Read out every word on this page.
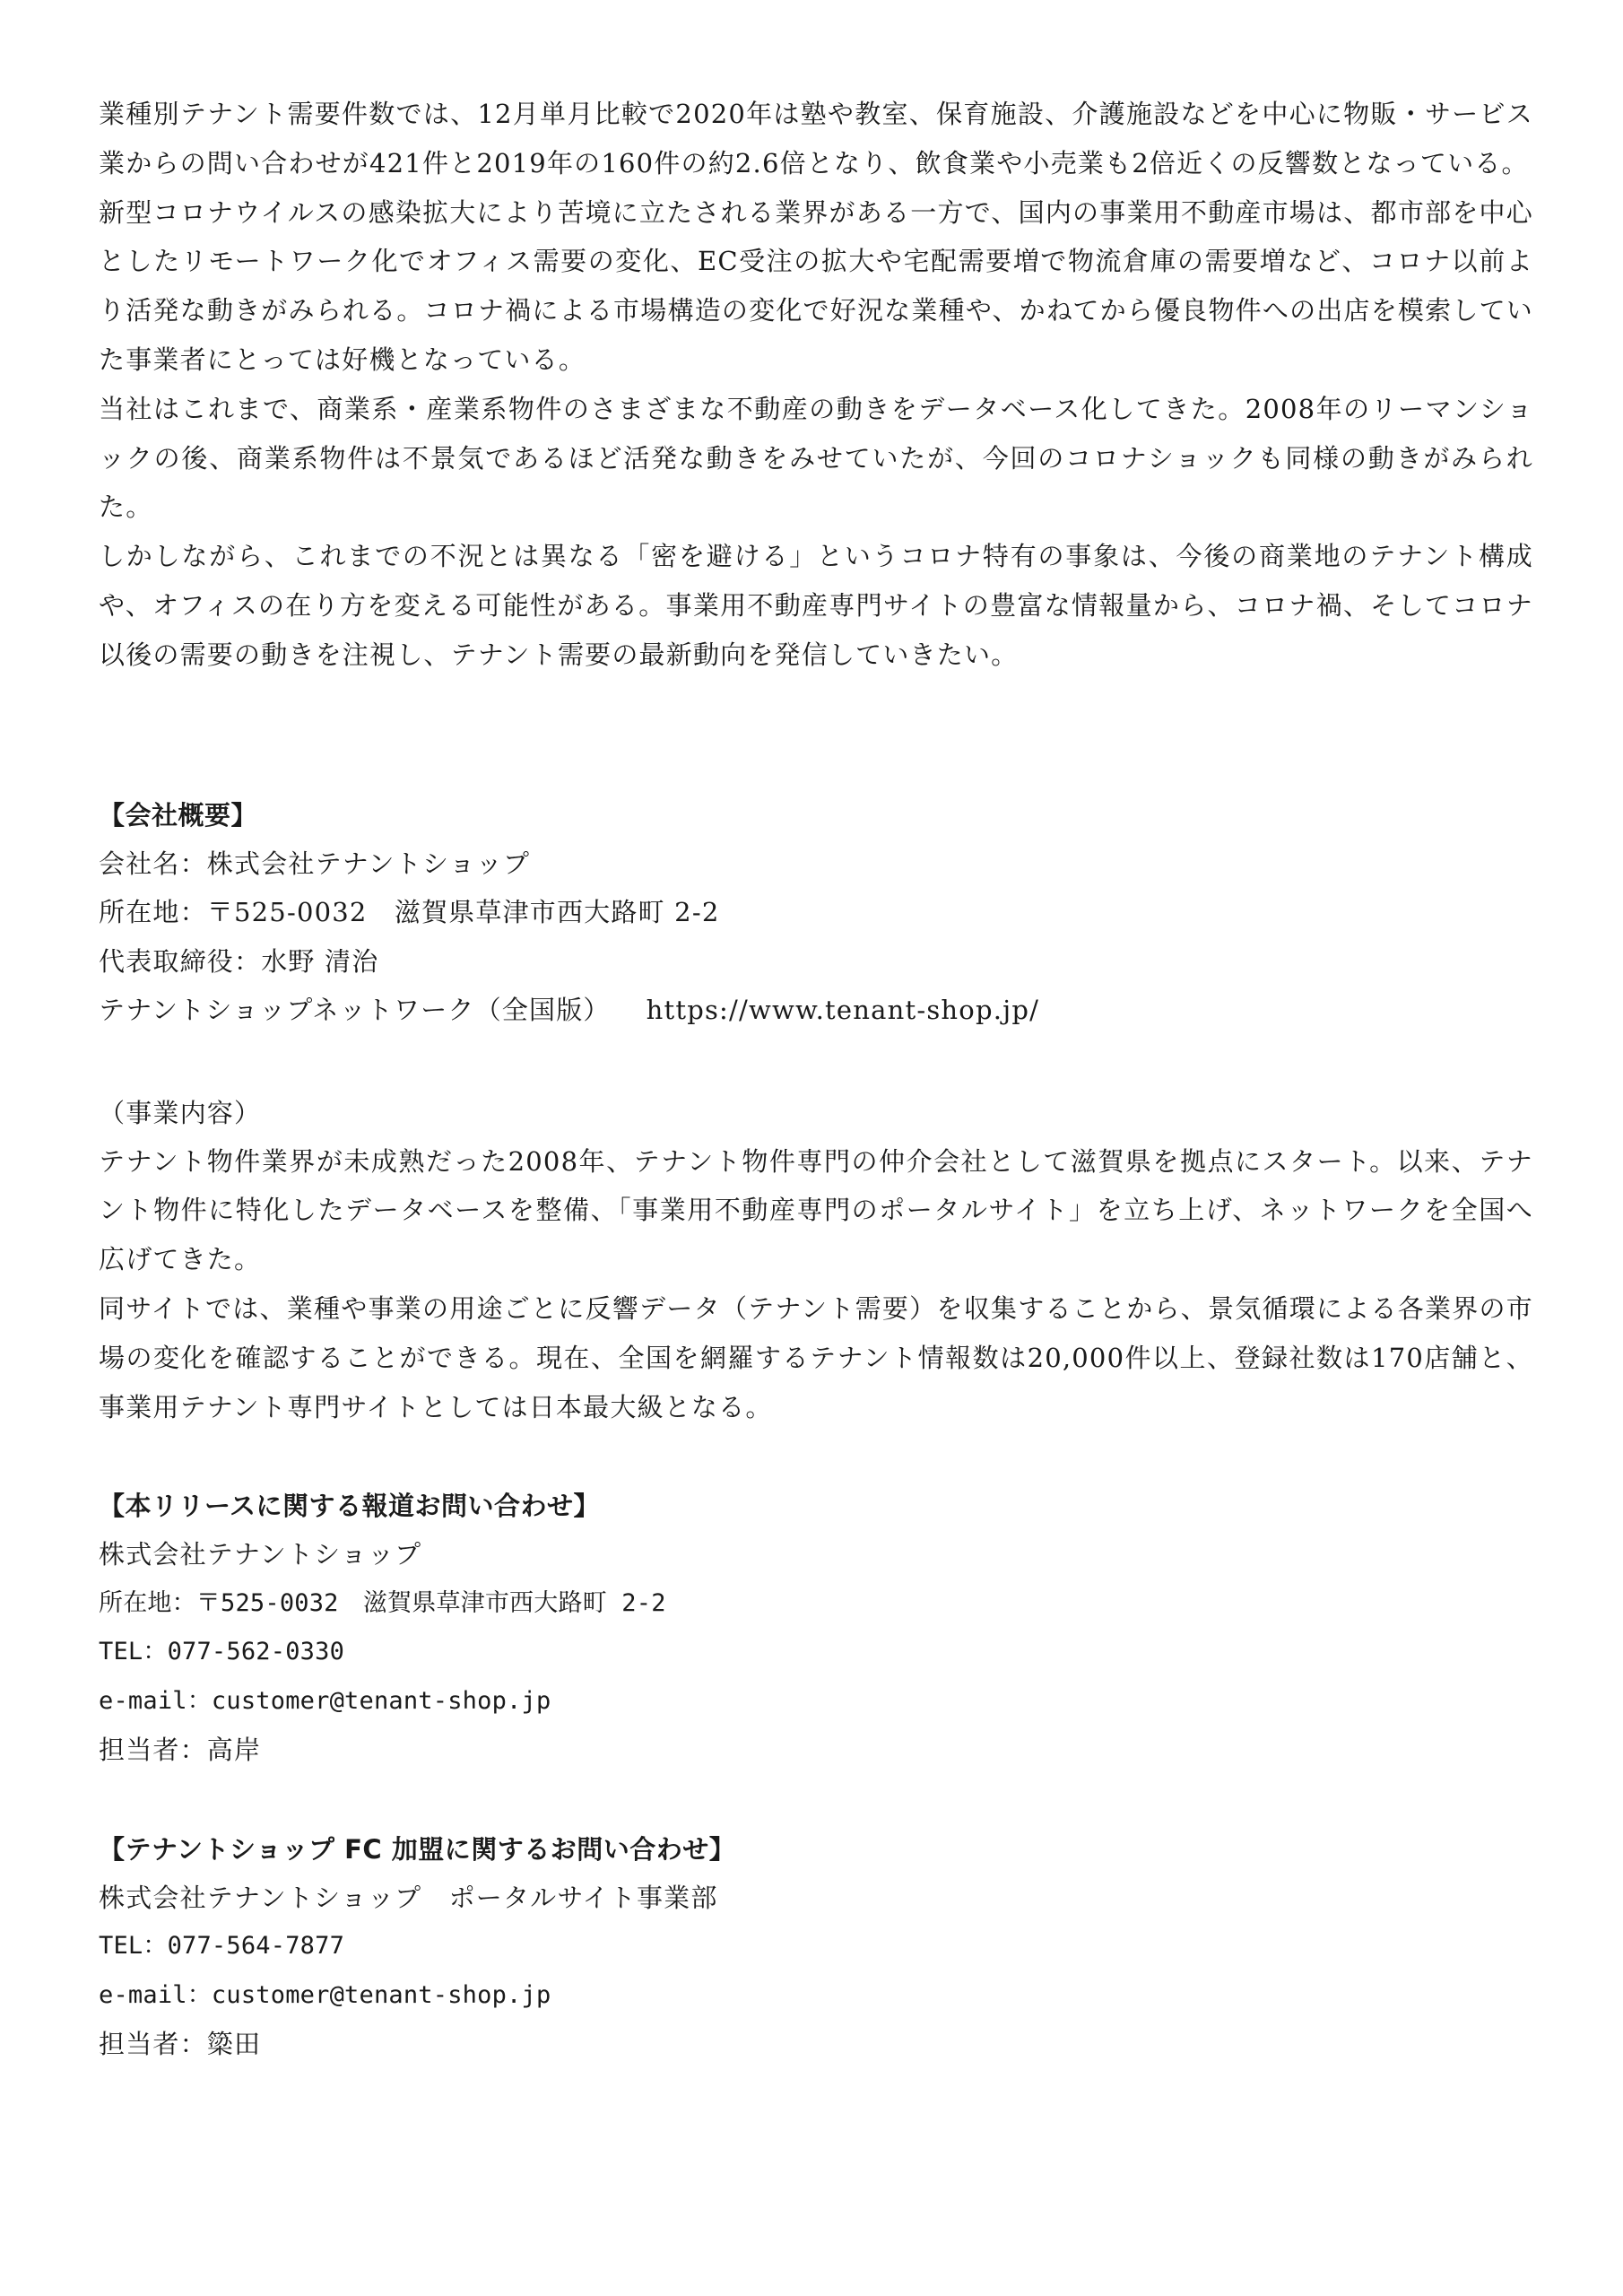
業種別テナント需要件数では、12月単月比較で2020年は塾や教室、保育施設、介護施設などを中心に物販・サービス業からの問い合わせが421件と2019年の160件の約2.6倍となり、飲食業や小売業も2倍近くの反響数となっている。

新型コロナウイルスの感染拡大により苦境に立たされる業界がある一方で、国内の事業用不動産市場は、都市部を中心としたリモートワーク化でオフィス需要の変化、EC受注の拡大や宅配需要増で物流倉庫の需要増など、コロナ以前より活発な動きがみられる。コロナ禍による市場構造の変化で好況な業種や、かねてから優良物件への出店を模索していた事業者にとっては好機となっている。

当社はこれまで、商業系・産業系物件のさまざまな不動産の動きをデータベース化してきた。2008年のリーマンショックの後、商業系物件は不景気であるほど活発な動きをみせていたが、今回のコロナショックも同様の動きがみられた。

しかしながら、これまでの不況とは異なる「密を避ける」というコロナ特有の事象は、今後の商業地のテナント構成や、オフィスの在り方を変える可能性がある。事業用不動産専門サイトの豊富な情報量から、コロナ禍、そしてコロナ以後の需要の動きを注視し、テナント需要の最新動向を発信していきたい。

【会社概要】

会社名：株式会社テナントショップ

所在地：〒525-0032　滋賀県草津市西大路町 2-2

代表取締役：水野 清治

テナントショップネットワーク（全国版） https://www.tenant-shop.jp/

（事業内容）

テナント物件業界が未成熟だった2008年、テナント物件専門の仲介会社として滋賀県を拠点にスタート。以来、テナント物件に特化したデータベースを整備、「事業用不動産専門のポータルサイト」を立ち上げ、ネットワークを全国へ広げてきた。

同サイトでは、業種や事業の用途ごとに反響データ（テナント需要）を収集することから、景気循環による各業界の市場の変化を確認することができる。現在、全国を網羅するテナント情報数は20,000件以上、登録社数は170店舗と、事業用テナント専門サイトとしては日本最大級となる。

【本リリースに関する報道お問い合わせ】

株式会社テナントショップ

所在地：〒525-0032　滋賀県草津市西大路町 2-2

TEL：077-562-0330

e-mail：customer@tenant-shop.jp

担当者：高岸

【テナントショップ FC 加盟に関するお問い合わせ】

株式会社テナントショップ　ポータルサイト事業部

TEL：077-564-7877

e-mail：customer@tenant-shop.jp

担当者：簗田
